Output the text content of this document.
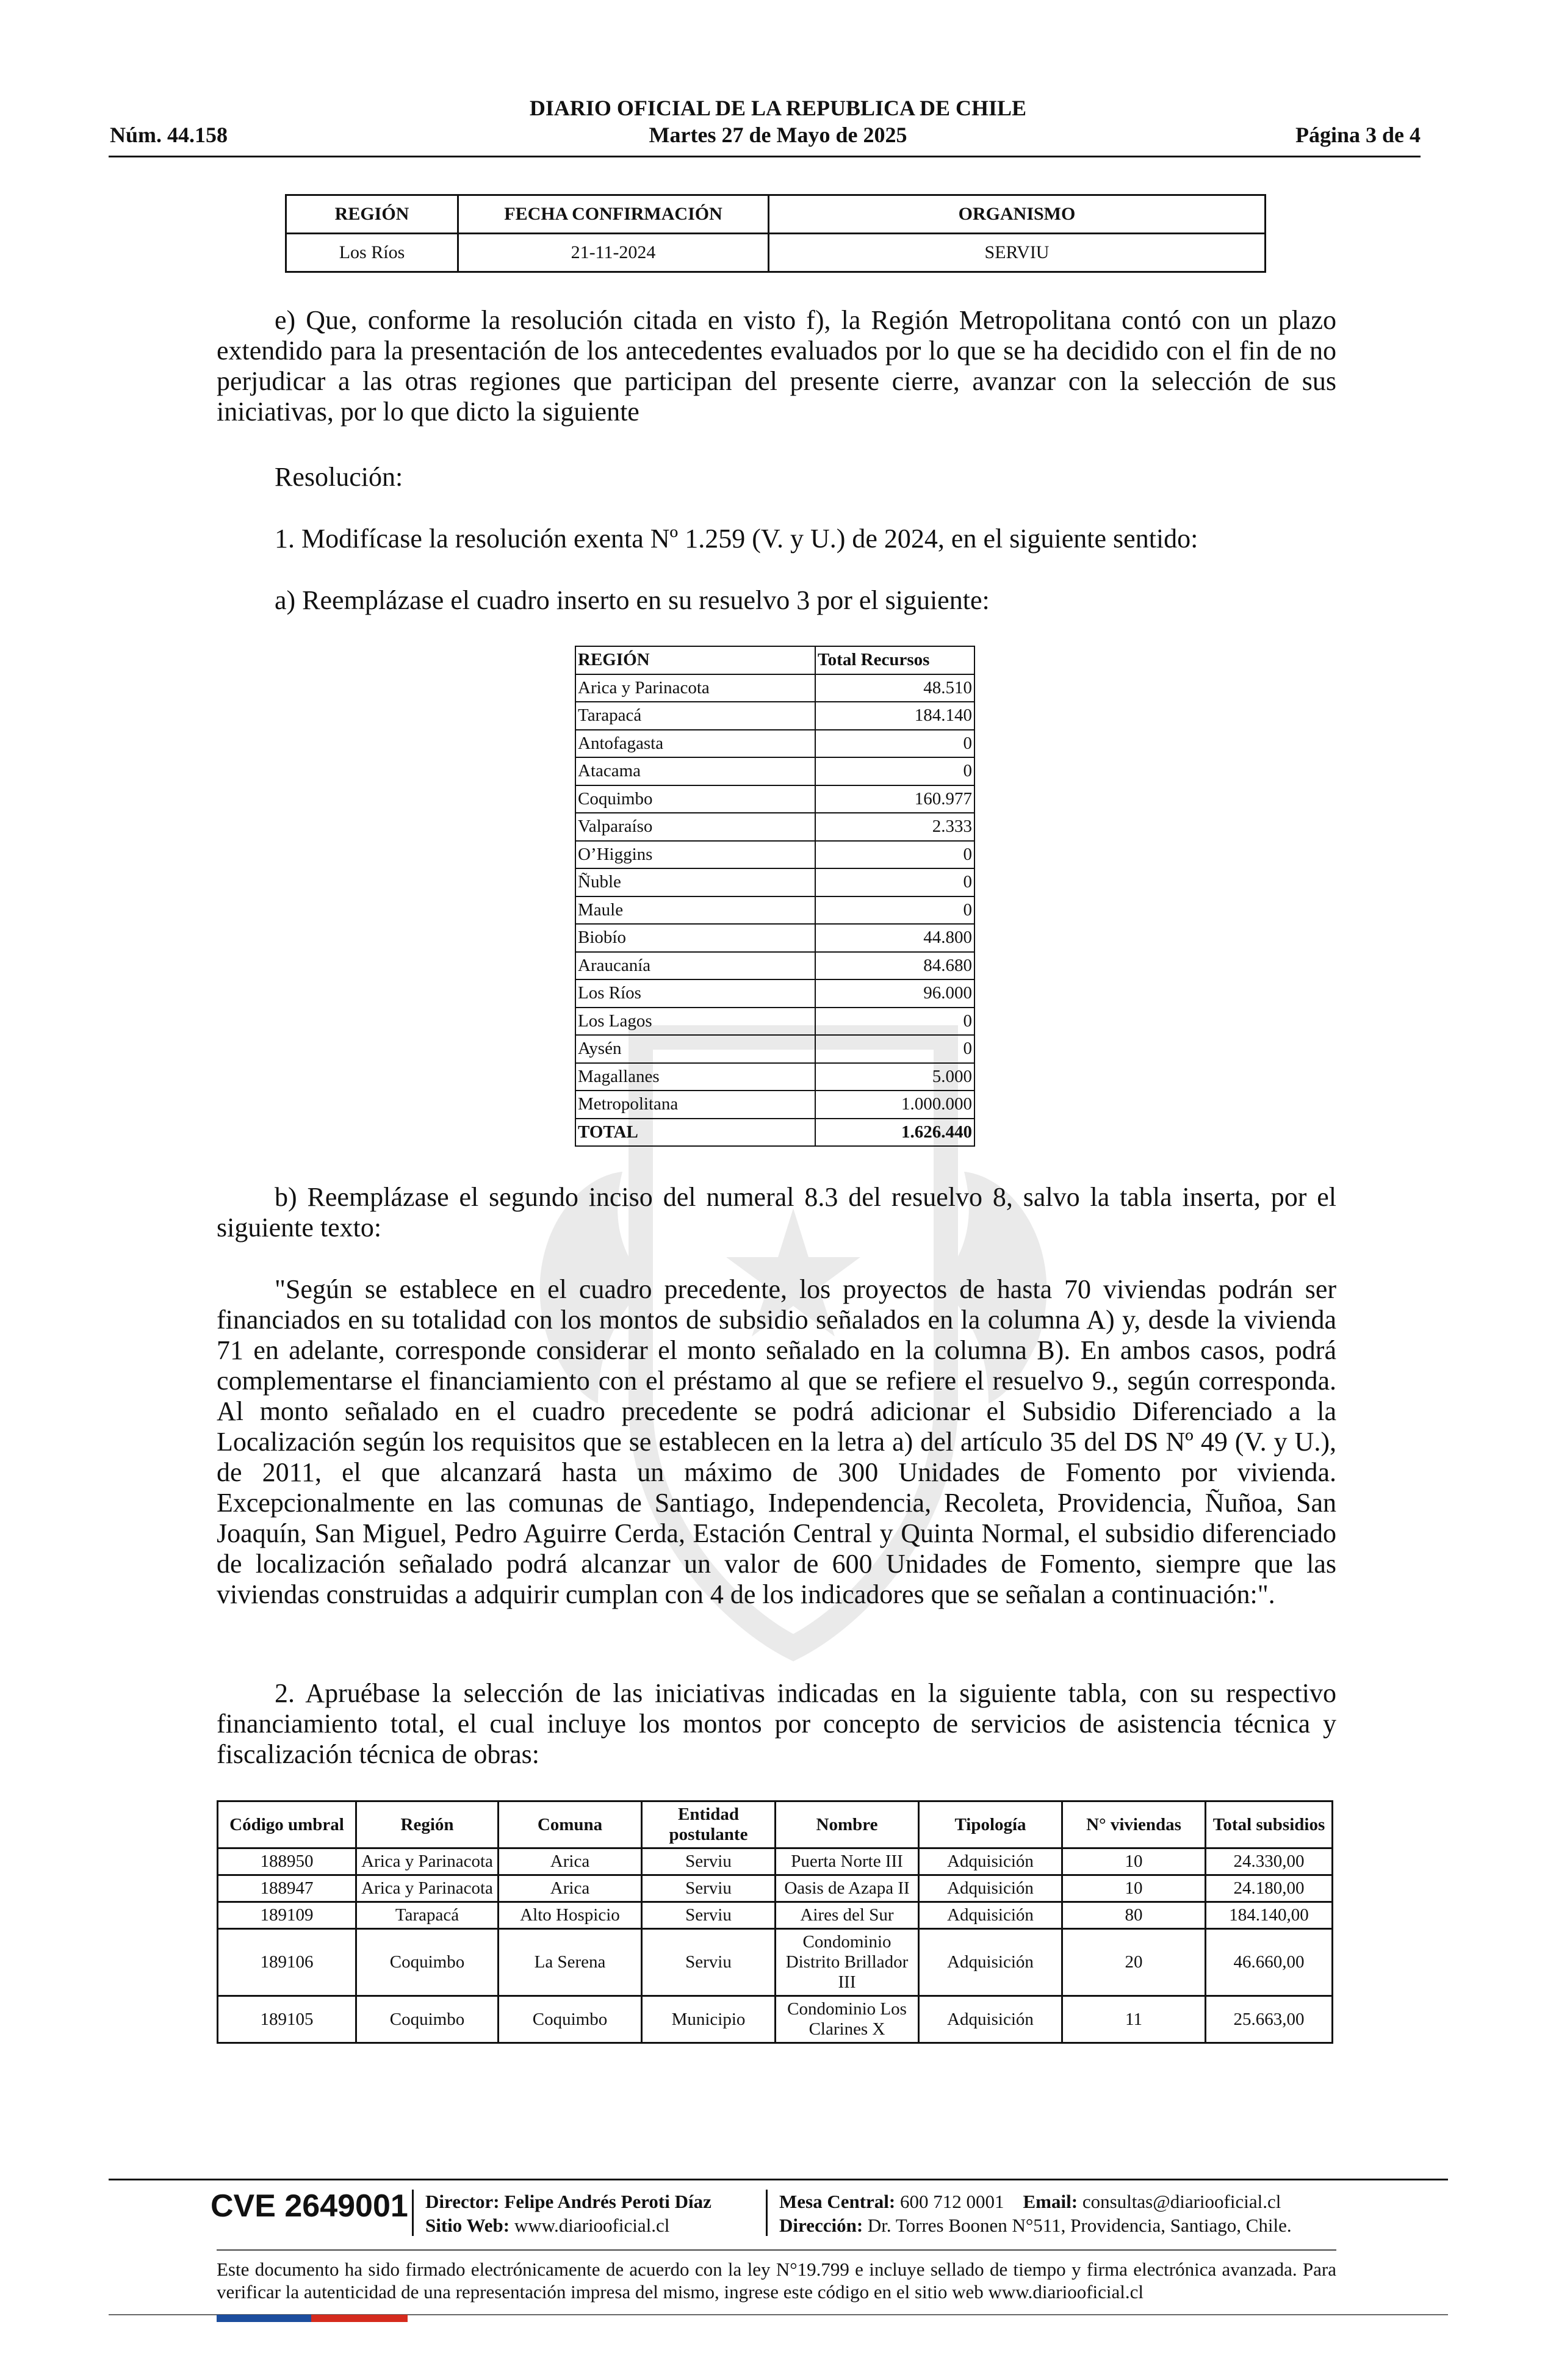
DIARIO OFICIAL DE LA REPUBLICA DE CHILE
Núm. 44.158	Martes 27 de Mayo de 2025	Página 3 de 4
REGIÓN	FECHA CONFIRMACIÓN	ORGANISMO
Los Ríos	21-11-2024	SERVIU

e) Que, conforme la resolución citada en visto f), la Región Metropolitana contó con un plazo extendido para la presentación de los antecedentes evaluados por lo que se ha decidido con el fin de no perjudicar a las otras regiones que participan del presente cierre, avanzar con la selección de sus iniciativas, por lo que dicto la siguiente

Resolución:

1. Modifícase la resolución exenta Nº 1.259 (V. y U.) de 2024, en el siguiente sentido:

a) Reemplázase el cuadro inserto en su resuelvo 3 por el siguiente:

REGIÓN	Total Recursos
Arica y Parinacota	48.510
Tarapacá	184.140
Antofagasta	0
Atacama	0
Coquimbo	160.977
Valparaíso	2.333
O’Higgins	0
Ñuble	0
Maule	0
Biobío	44.800
Araucanía	84.680
Los Ríos	96.000
Los Lagos	0
Aysén	0
Magallanes	5.000
Metropolitana	1.000.000
TOTAL	1.626.440

b) Reemplázase el segundo inciso del numeral 8.3 del resuelvo 8, salvo la tabla inserta, por el siguiente texto:

"Según se establece en el cuadro precedente, los proyectos de hasta 70 viviendas podrán ser financiados en su totalidad con los montos de subsidio señalados en la columna A) y, desde la vivienda 71 en adelante, corresponde considerar el monto señalado en la columna B). En ambos casos, podrá complementarse el financiamiento con el préstamo al que se refiere el resuelvo 9., según corresponda. Al monto señalado en el cuadro precedente se podrá adicionar el Subsidio Diferenciado a la Localización según los requisitos que se establecen en la letra a) del artículo 35 del DS Nº 49 (V. y U.), de 2011, el que alcanzará hasta un máximo de 300 Unidades de Fomento por vivienda. Excepcionalmente en las comunas de Santiago, Independencia, Recoleta, Providencia, Ñuñoa, San Joaquín, San Miguel, Pedro Aguirre Cerda, Estación Central y Quinta Normal, el subsidio diferenciado de localización señalado podrá alcanzar un valor de 600 Unidades de Fomento, siempre que las viviendas construidas a adquirir cumplan con 4 de los indicadores que se señalan a continuación:".

2. Apruébase la selección de las iniciativas indicadas en la siguiente tabla, con su respectivo financiamiento total, el cual incluye los montos por concepto de servicios de asistencia técnica y fiscalización técnica de obras:

Código umbral	Región	Comuna	Entidad postulante	Nombre	Tipología	N° viviendas	Total subsidios
188950	Arica y Parinacota	Arica	Serviu	Puerta Norte III	Adquisición	10	24.330,00
188947	Arica y Parinacota	Arica	Serviu	Oasis de Azapa II	Adquisición	10	24.180,00
189109	Tarapacá	Alto Hospicio	Serviu	Aires del Sur	Adquisición	80	184.140,00
189106	Coquimbo	La Serena	Serviu	Condominio Distrito Brillador III	Adquisición	20	46.660,00
189105	Coquimbo	Coquimbo	Municipio	Condominio Los Clarines X	Adquisición	11	25.663,00
CVE 2649001 Director: Felipe Andrés Peroti Díaz
Sitio Web: www.diariooficial.cl
Mesa Central: 600 712 0001 Email: consultas@diariooficial.cl
Dirección: Dr. Torres Boonen N°511, Providencia, Santiago, Chile.
Este documento ha sido firmado electrónicamente de acuerdo con la ley N°19.799 e incluye sellado de tiempo y firma electrónica avanzada. Para verificar la autenticidad de una representación impresa del mismo, ingrese este código en el sitio web www.diariooficial.cl
